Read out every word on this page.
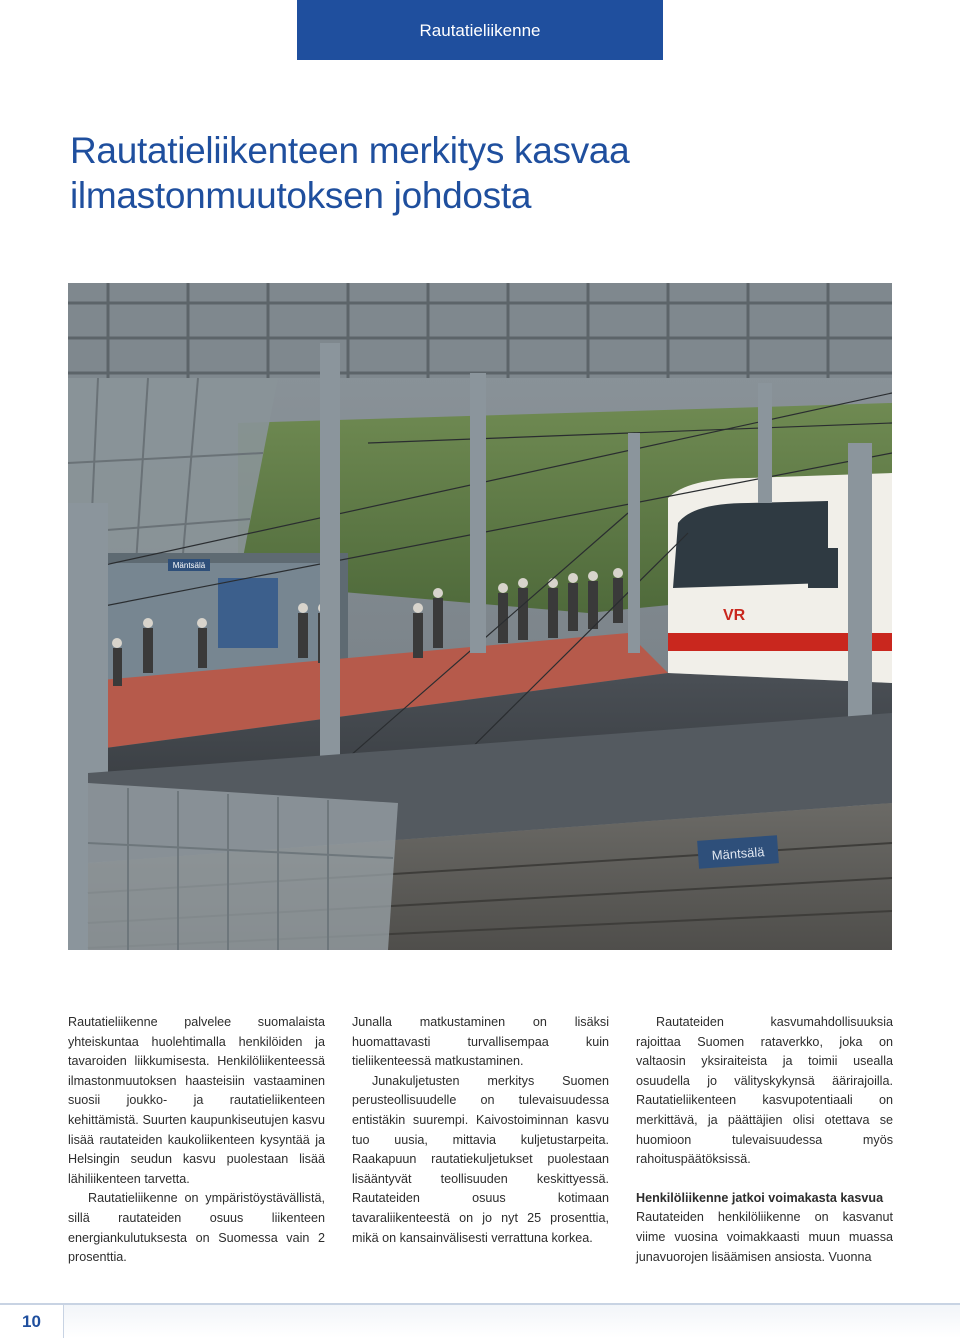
Rautatieliikenne
Rautatieliikenteen merkitys kasvaa
ilmastonmuutoksen johdosta
Mäntsälä
VR
Mäntsälä

Rautatieliikenne palvelee suomalaista yhteiskuntaa huolehtimalla henkilöiden ja tavaroiden liikkumisesta. Henkilöliikenteessä ilmastonmuutoksen haasteisiin vastaaminen suosii joukko- ja rautatieliikenteen kehittämistä. Suurten kaupunkiseutujen kasvu lisää rautateiden kaukoliikenteen kysyntää ja Helsingin seudun kasvu puolestaan lisää lähiliikenteen tarvetta.

Rautatieliikenne on ympäristöystävällistä, sillä rautateiden osuus liikenteen energiankulutuksesta on Suomessa vain 2 prosenttia.

Junalla matkustaminen on lisäksi huomattavasti turvallisempaa kuin tieliikenteessä matkustaminen.

Junakuljetusten merkitys Suomen perusteollisuudelle on tulevaisuudessa entistäkin suurempi. Kaivostoiminnan kasvu tuo uusia, mittavia kuljetustarpeita. Raakapuun rautatiekuljetukset puolestaan lisääntyvät teollisuuden keskittyessä. Rautateiden osuus kotimaan tavaraliikenteestä on jo nyt 25 prosenttia, mikä on kansainvälisesti verrattuna korkea.

Rautateiden kasvumahdollisuuksia rajoittaa Suomen rataverkko, joka on valtaosin yksiraiteista ja toimii usealla osuudella jo välityskykynsä äärirajoilla. Rautatieliikenteen kasvupotentiaali on merkittävä, ja päättäjien olisi otettava se huomioon tulevaisuudessa myös rahoituspäätöksissä.

Henkilöliikenne jatkoi voimakasta kasvua

Rautateiden henkilöliikenne on kasvanut viime vuosina voimakkaasti muun muassa junavuorojen lisäämisen ansiosta. Vuonna

10
